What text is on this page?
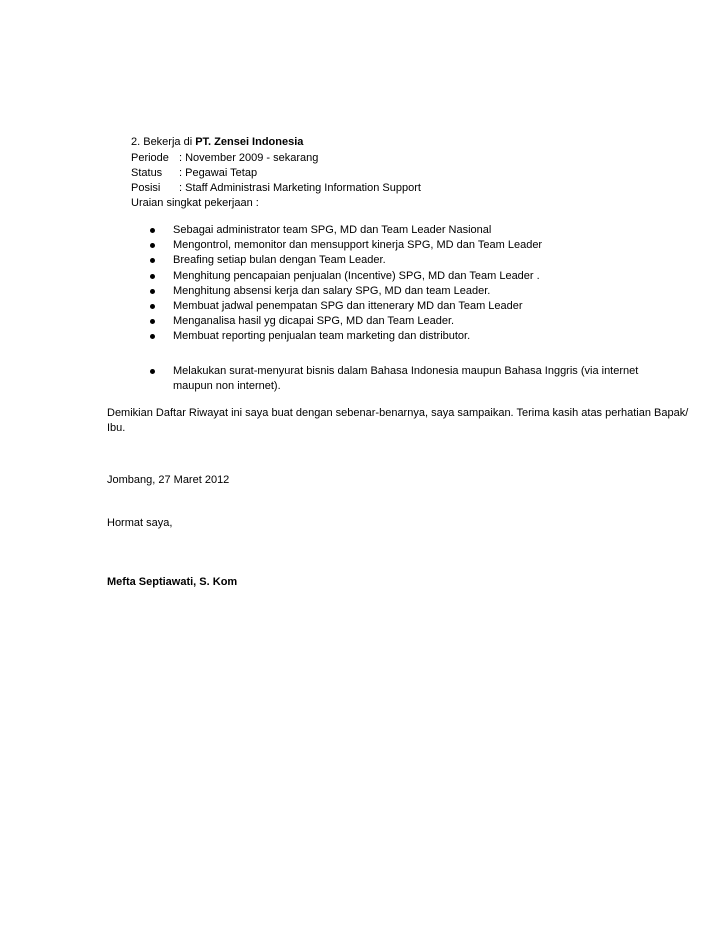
2. Bekerja di PT. Zensei Indonesia
Periode : November 2009 - sekarang
Status : Pegawai Tetap
Posisi : Staff Administrasi Marketing Information Support
Uraian singkat pekerjaan :
Sebagai administrator team SPG, MD dan Team Leader Nasional
Mengontrol, memonitor dan mensupport kinerja SPG, MD dan Team Leader
Breafing setiap bulan dengan Team Leader.
Menghitung pencapaian penjualan (Incentive) SPG, MD dan Team Leader .
Menghitung absensi kerja dan salary SPG, MD dan team Leader.
Membuat jadwal penempatan SPG dan ittenerary MD dan Team Leader
Menganalisa hasil yg dicapai SPG, MD dan Team Leader.
Membuat reporting penjualan team marketing dan distributor.
Melakukan surat-menyurat bisnis dalam Bahasa Indonesia maupun Bahasa Inggris (via internet
maupun non internet).
Demikian Daftar Riwayat ini saya buat dengan sebenar-benarnya, saya sampaikan. Terima kasih atas perhatian Bapak/
Ibu.
Jombang, 27 Maret 2012
Hormat saya,
Mefta Septiawati, S. Kom
